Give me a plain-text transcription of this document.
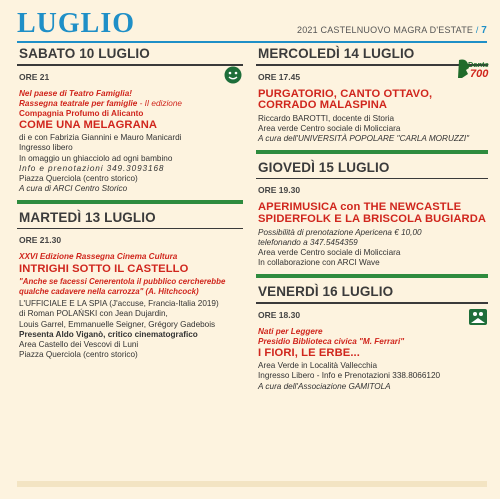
LUGLIO	2021 CASTELNUOVO MAGRA D'ESTATE / 7
SABATO 10 LUGLIO
ORE 21
Nel paese di Teatro Famiglia!
Rassegna teatrale per famiglie - II edizione
Compagnia Profumo di Alicanto
COME UNA MELAGRANA
di e con Fabrizia Giannini e Mauro Manicardi
Ingresso libero
In omaggio un ghiacciolo ad ogni bambino
Info e prenotazioni 349.3093168
Piazza Querciola (centro storico)
A cura di ARCI Centro Storico
MARTEDÌ 13 LUGLIO
ORE 21.30
XXVI Edizione Rassegna Cinema Cultura
INTRIGHI SOTTO IL CASTELLO
"Anche se facessi Cenerentola il pubblico cercherebbe qualche cadavere nella carrozza" (A. Hitchcock)
L'UFFICIALE E LA SPIA (J'accuse, Francia-Italia 2019)
di Roman POLAŃSKI con Jean Dujardin,
Louis Garrel, Emmanuelle Seigner, Grégory Gadebois
Presenta Aldo Viganò, critico cinematografico
Area Castello dei Vescovi di Luni
Piazza Querciola (centro storico)
MERCOLEDÌ 14 LUGLIO
Dante
700
ORE 17.45
PURGATORIO, CANTO OTTAVO, CORRADO MALASPINA
Riccardo BAROTTI, docente di Storia
Area verde Centro sociale di Molicciara
A cura dell'UNIVERSITÀ POPOLARE "CARLA MORUZZI"
GIOVEDÌ 15 LUGLIO
ORE 19.30
APERIMUSICA con THE NEWCASTLE SPIDERFOLK E LA BRISCOLA BUGIARDA
Possibilità di prenotazione Apericena € 10,00
telefonando a 347.5454359
Area verde Centro sociale di Molicciara
In collaborazione con ARCI Wave
VENERDÌ 16 LUGLIO
ORE 18.30
Nati per Leggere
Presidio Biblioteca civica "M. Ferrari"
I FIORI, LE ERBE...
Area Verde in Località Vallecchia
Ingresso Libero - Info e Prenotazioni 338.8066120
A cura dell'Associazione GAMITOLA
